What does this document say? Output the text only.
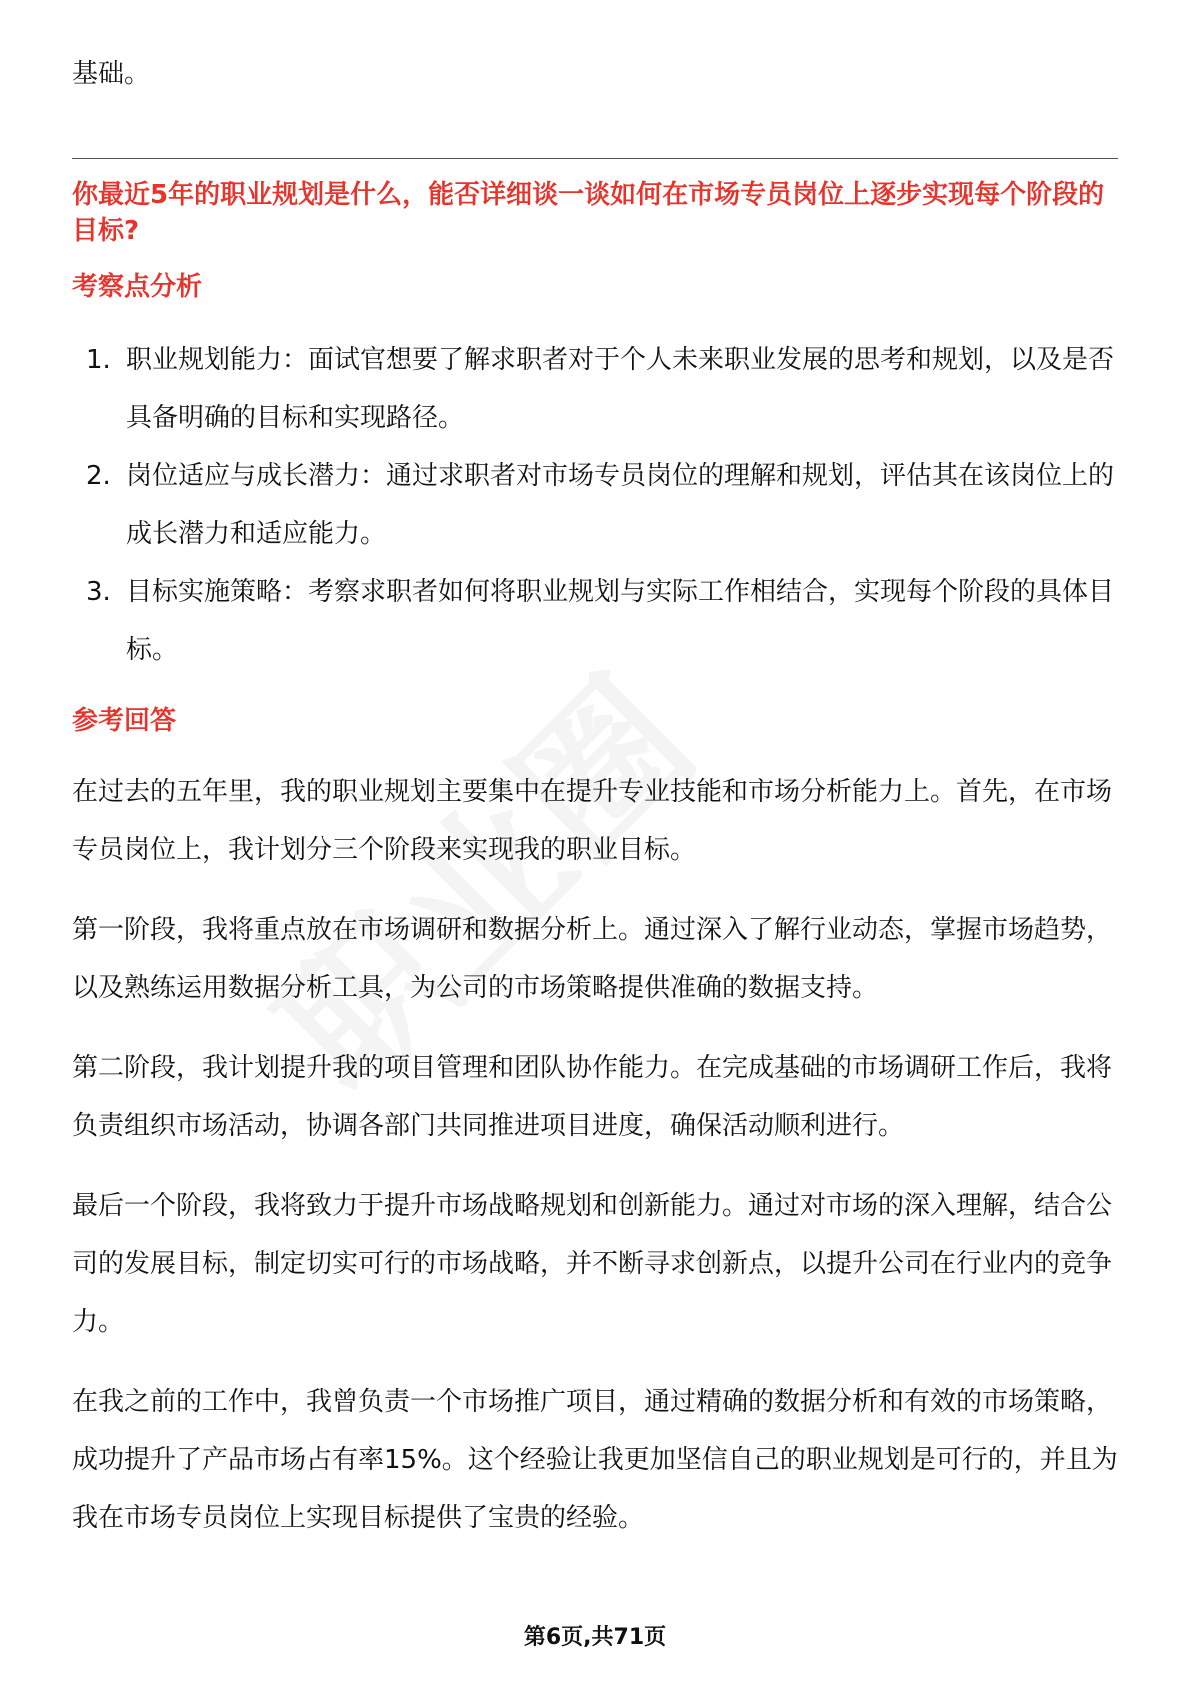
基础。

你最近5年的职业规划是什么，能否详细谈一谈如何在市场专员岗位上逐步实现每个阶段的目标?

考察点分析

1. 职业规划能力：面试官想要了解求职者对于个人未来职业发展的思考和规划，以及是否具备明确的目标和实现路径。
2. 岗位适应与成长潜力：通过求职者对市场专员岗位的理解和规划，评估其在该岗位上的成长潜力和适应能力。
3. 目标实施策略：考察求职者如何将职业规划与实际工作相结合，实现每个阶段的具体目标。

参考回答

在过去的五年里，我的职业规划主要集中在提升专业技能和市场分析能力上。首先，在市场专员岗位上，我计划分三个阶段来实现我的职业目标。

第一阶段，我将重点放在市场调研和数据分析上。通过深入了解行业动态，掌握市场趋势，以及熟练运用数据分析工具，为公司的市场策略提供准确的数据支持。

第二阶段，我计划提升我的项目管理和团队协作能力。在完成基础的市场调研工作后，我将负责组织市场活动，协调各部门共同推进项目进度，确保活动顺利进行。

最后一个阶段，我将致力于提升市场战略规划和创新能力。通过对市场的深入理解，结合公司的发展目标，制定切实可行的市场战略，并不断寻求创新点，以提升公司在行业内的竞争力。

在我之前的工作中，我曾负责一个市场推广项目，通过精确的数据分析和有效的市场策略，成功提升了产品市场占有率15%。这个经验让我更加坚信自己的职业规划是可行的，并且为我在市场专员岗位上实现目标提供了宝贵的经验。

第6页,共71页
